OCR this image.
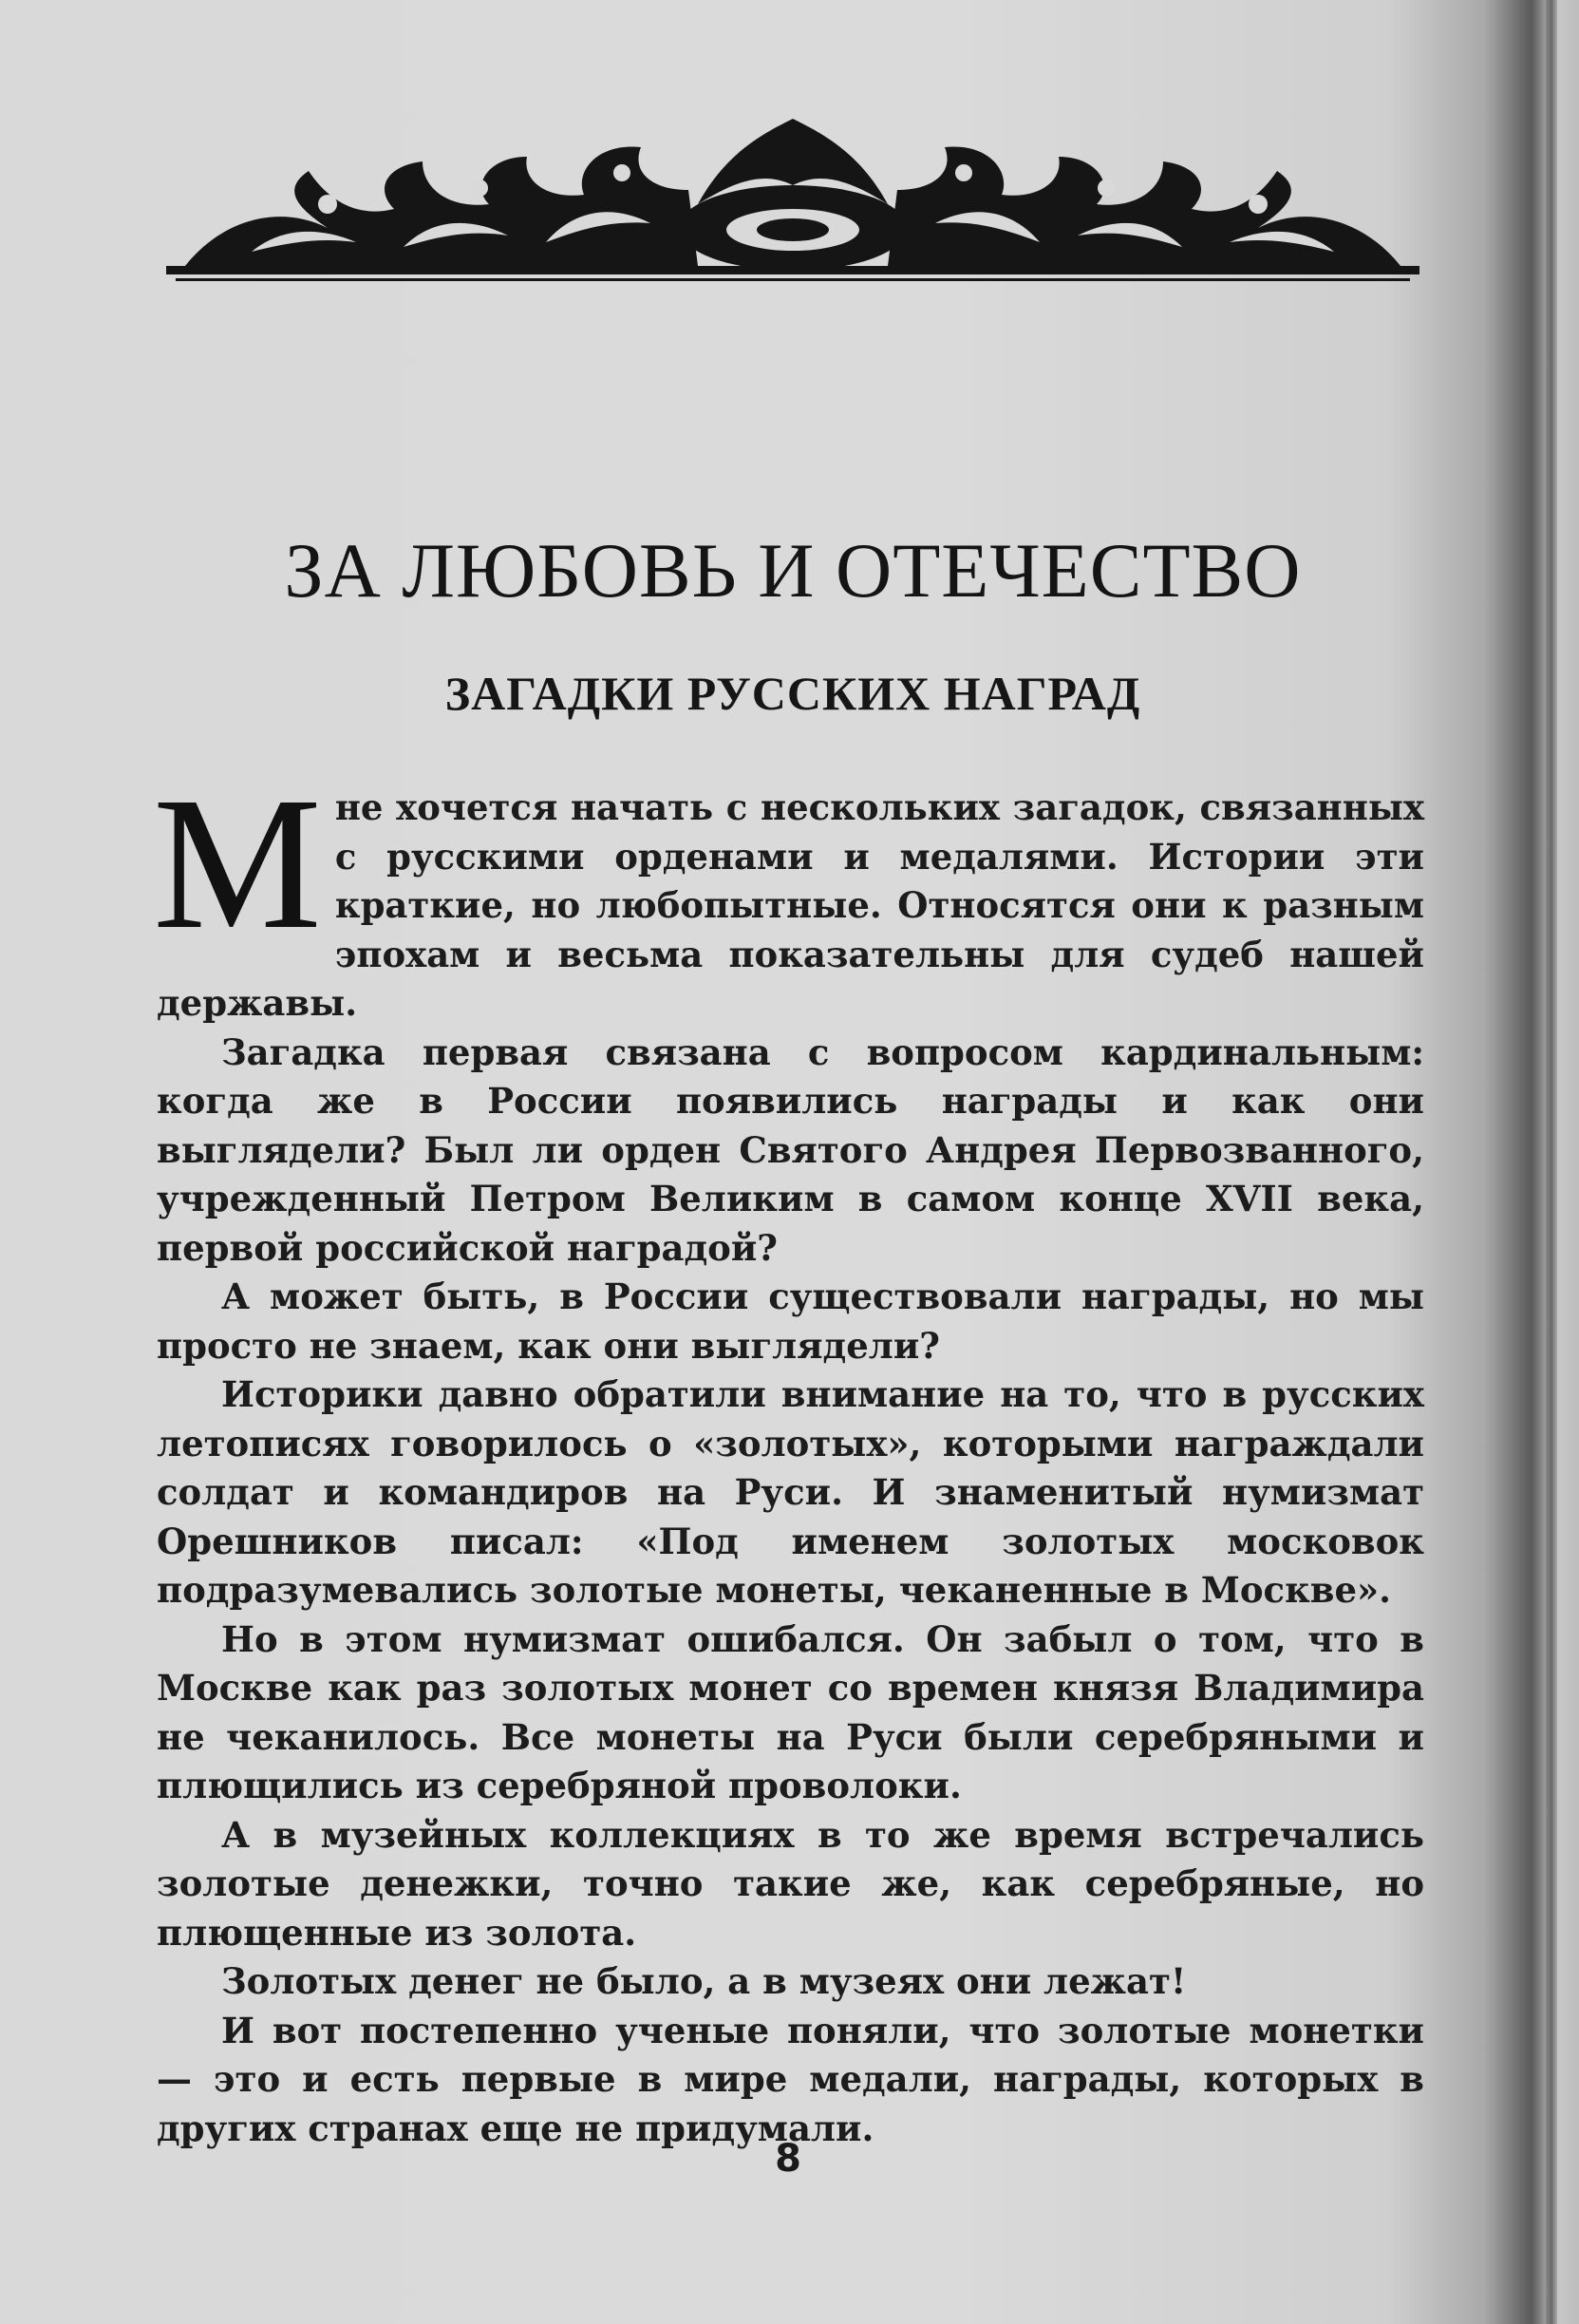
ЗА ЛЮБОВЬ И ОТЕЧЕСТВО
ЗАГАДКИ РУССКИХ НАГРАД

Мне хочется начать с нескольких загадок, связанных с русскими орденами и медалями. Истории эти краткие, но любопытные. Относятся они к разным эпохам и весьма показательны для судеб нашей державы.

Загадка первая связана с вопросом кардинальным: когда же в России появились награды и как они выглядели? Был ли орден Святого Андрея Первозванного, учрежденный Петром Великим в самом конце XVII века, первой российской наградой?

А может быть, в России существовали награды, но мы просто не знаем, как они выглядели?

Историки давно обратили внимание на то, что в русских летописях говорилось о «золотых», которыми награждали солдат и командиров на Руси. И знаменитый нумизмат Орешников писал: «Под именем золотых московок подразумевались золотые монеты, чеканенные в Москве».

Но в этом нумизмат ошибался. Он забыл о том, что в Москве как раз золотых монет со времен князя Владимира не чеканилось. Все монеты на Руси были серебряными и плющились из серебряной проволоки.

А в музейных коллекциях в то же время встречались золотые денежки, точно такие же, как серебряные, но плющенные из золота.

Золотых денег не было, а в музеях они лежат!

И вот постепенно ученые поняли, что золотые монетки — это и есть первые в мире медали, награды, которых в других странах еще не придумали.

8
